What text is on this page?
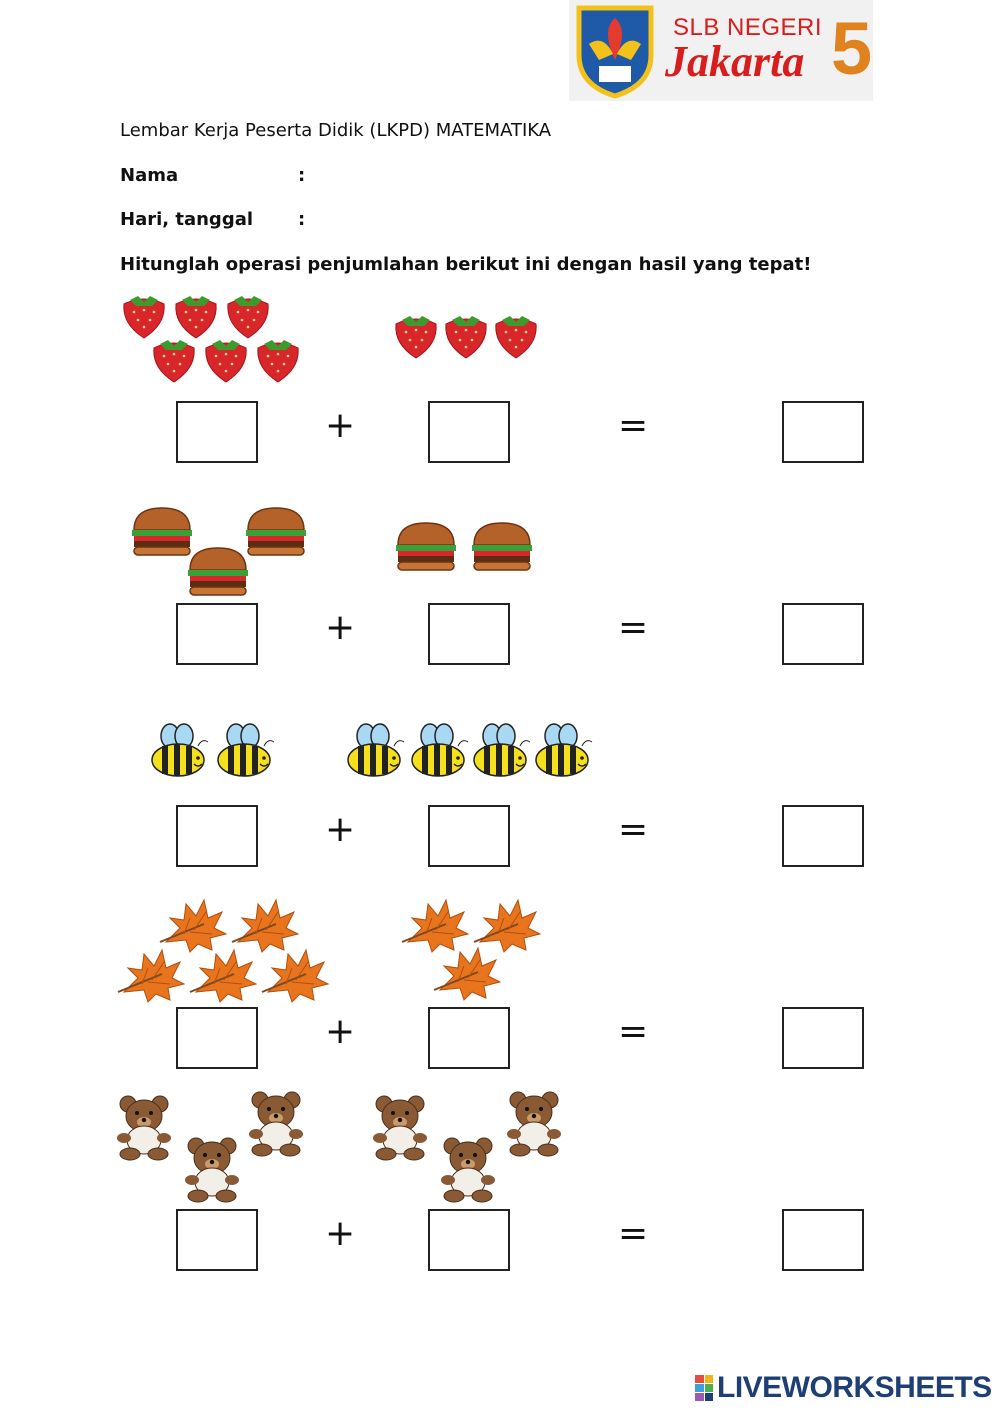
SLB NEGERI
Jakarta 5
Lembar Kerja Peserta Didik (LKPD) MATEMATIKA
Nama	:
Hari, tanggal :
Hitunglah operasi penjumlahan berikut ini dengan hasil yang tepat!
+	=
+	=
+	=
+	=
+	=
LIVEWORKSHEETS
